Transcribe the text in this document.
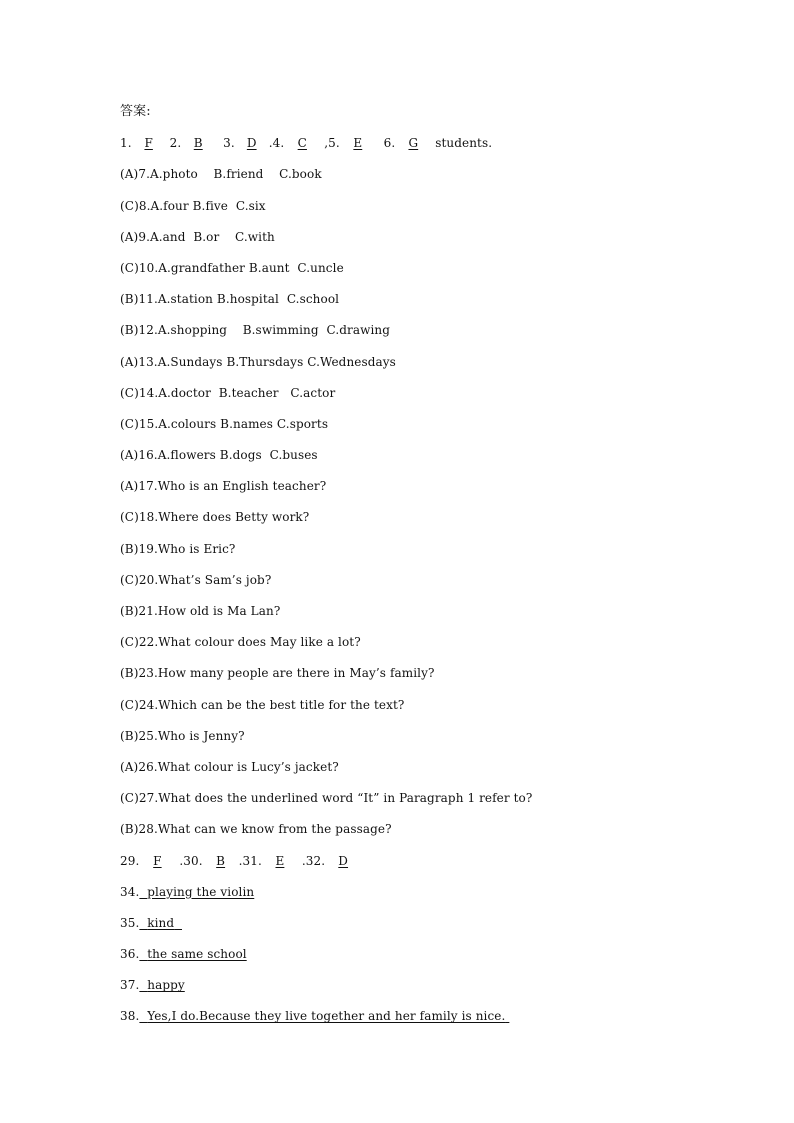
答案:
1. F 2. B 3. D .4. C ,5. E 6. G students.
(A)7.A.photo    B.friend    C.book
(C)8.A.four B.five  C.six
(A)9.A.and  B.or    C.with
(C)10.A.grandfather B.aunt  C.uncle
(B)11.A.station B.hospital  C.school
(B)12.A.shopping    B.swimming  C.drawing
(A)13.A.Sundays B.Thursdays C.Wednesdays
(C)14.A.doctor  B.teacher   C.actor
(C)15.A.colours B.names C.sports
(A)16.A.flowers B.dogs  C.buses
(A)17.Who is an English teacher?
(C)18.Where does Betty work?
(B)19.Who is Eric?
(C)20.What’s Sam’s job?
(B)21.How old is Ma Lan?
(C)22.What colour does May like a lot?
(B)23.How many people are there in May’s family?
(C)24.Which can be the best title for the text?
(B)25.Who is Jenny?
(A)26.What colour is Lucy’s jacket?
(C)27.What does the underlined word “It” in Paragraph 1 refer to?
(B)28.What can we know from the passage?
29. F .30. B .31. E .32. D
34. playing the violin
35. kind
36. the same school
37. happy
38. Yes,I do.Because they live together and her family is nice.
